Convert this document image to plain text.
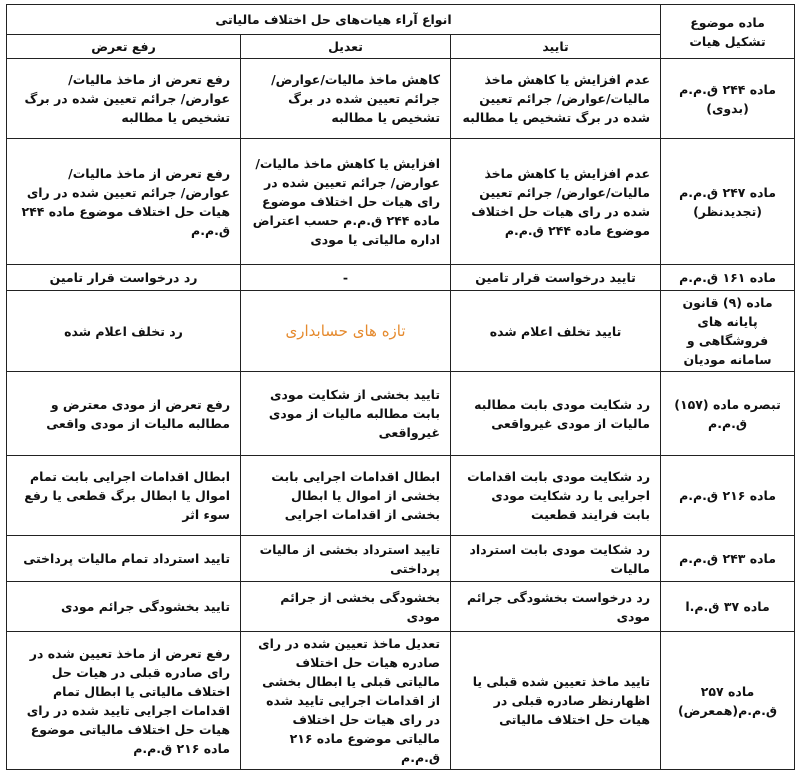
ماده موضوع تشکیل هیات	انواع آراء هیات‌های حل اختلاف مالیاتی		
	تایید	تعدیل	رفع تعرض
ماده ۲۴۴ ق.م.م (بدوی)	عدم افزایش یا کاهش ماخذ مالیات/عوارض/ جرائم تعیین شده در برگ تشخیص یا مطالبه	کاهش ماخذ مالیات/عوارض/ جرائم تعیین شده در برگ تشخیص یا مطالبه	رفع تعرض از ماخذ مالیات/ عوارض/ جرائم تعیین شده در برگ تشخیص یا مطالبه
ماده ۲۴۷ ق.م.م (تجدیدنظر)	عدم افزایش یا کاهش ماخذ مالیات/عوارض/ جرائم تعیین شده در رای هیات حل اختلاف موضوع ماده ۲۴۴ ق.م.م	افزایش یا کاهش ماخذ مالیات/عوارض/ جرائم تعیین شده در رای هیات حل اختلاف موضوع ماده ۲۴۴ ق.م.م حسب اعتراض اداره مالیاتی یا مودی	رفع تعرض از ماخذ مالیات/ عوارض/ جرائم تعیین شده در رای هیات حل اختلاف موضوع ماده ۲۴۴ ق.م.م
ماده ۱۶۱ ق.م.م	تایید درخواست قرار تامین	-	رد درخواست قرار تامین
ماده (۹) قانون پایانه های فروشگاهی و سامانه مودیان	تایید تخلف اعلام شده	تازه های حسابداری	رد تخلف اعلام شده
تبصره ماده (۱۵۷) ق.م.م	رد شکایت مودی بابت مطالبه مالیات از مودی غیرواقعی	تایید بخشی از شکایت مودی بابت مطالبه مالیات از مودی غیرواقعی	رفع تعرض از مودی معترض و مطالبه مالیات از مودی واقعی
ماده ۲۱۶ ق.م.م	رد شکایت مودی بابت اقدامات اجرایی یا رد شکایت مودی بابت فرایند قطعیت	ابطال اقدامات اجرایی بابت بخشی از اموال یا ابطال بخشی از اقدامات اجرایی	ابطال اقدامات اجرایی بابت تمام اموال یا ابطال برگ قطعی یا رفع سوء اثر
ماده ۲۴۳ ق.م.م	رد شکایت مودی بابت استرداد مالیات	تایید استرداد بخشی از مالیات پرداختی	تایید استرداد تمام مالیات پرداختی
ماده ۳۷ ق.م.ا	رد درخواست بخشودگی جرائم مودی	بخشودگی بخشی از جرائم مودی	تایید بخشودگی جرائم مودی
ماده ۲۵۷ ق.م.م(همعرض)	تایید ماخذ تعیین شده قبلی یا اظهارنظر صادره قبلی در هیات حل اختلاف مالیاتی	تعدیل ماخذ تعیین شده در رای صادره هیات حل اختلاف مالیاتی قبلی یا ابطال بخشی از اقدامات اجرایی تایید شده در رای هیات حل اختلاف مالیاتی موضوع ماده ۲۱۶ ق.م.م	رفع تعرض از ماخذ تعیین شده در رای صادره قبلی در هیات حل اختلاف مالیاتی یا ابطال تمام اقدامات اجرایی تایید شده در رای هیات حل اختلاف مالیاتی موضوع ماده ۲۱۶ ق.م.م
